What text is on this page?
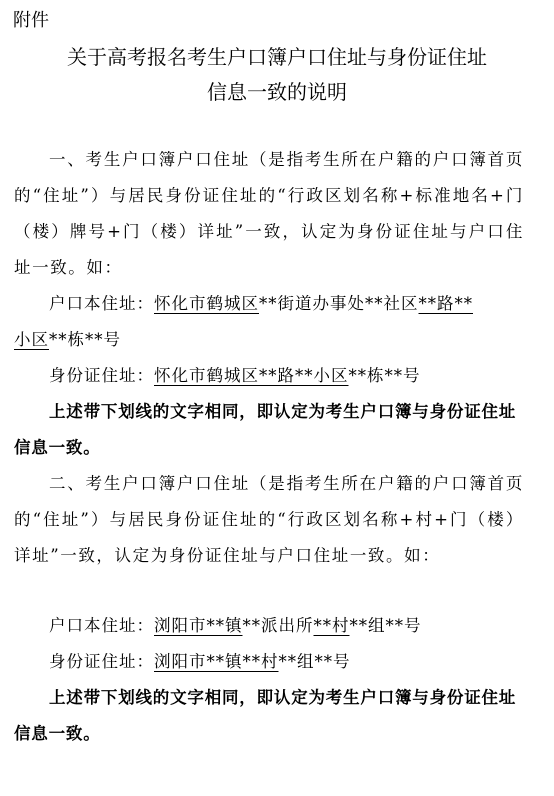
附件
关于高考报名考生户口簿户口住址与身份证住址
信息一致的说明

一、考生户口簿户口住址（是指考生所在户籍的户口簿首页的“住址”）与居民身份证住址的“行政区划名称+标准地名+门（楼）牌号+门（楼）详址”一致，认定为身份证住址与户口住址一致。如：

户口本住址：怀化市鹤城区**街道办事处**社区**路**

小区**栋**号

身份证住址：怀化市鹤城区**路**小区**栋**号

上述带下划线的文字相同，即认定为考生户口簿与身份证住址信息一致。

二、考生户口簿户口住址（是指考生所在户籍的户口簿首页的“住址”）与居民身份证住址的“行政区划名称+村+门（楼）详址”一致，认定为身份证住址与户口住址一致。如：

户口本住址：浏阳市**镇**派出所**村**组**号

身份证住址：浏阳市**镇**村**组**号

上述带下划线的文字相同，即认定为考生户口簿与身份证住址信息一致。
